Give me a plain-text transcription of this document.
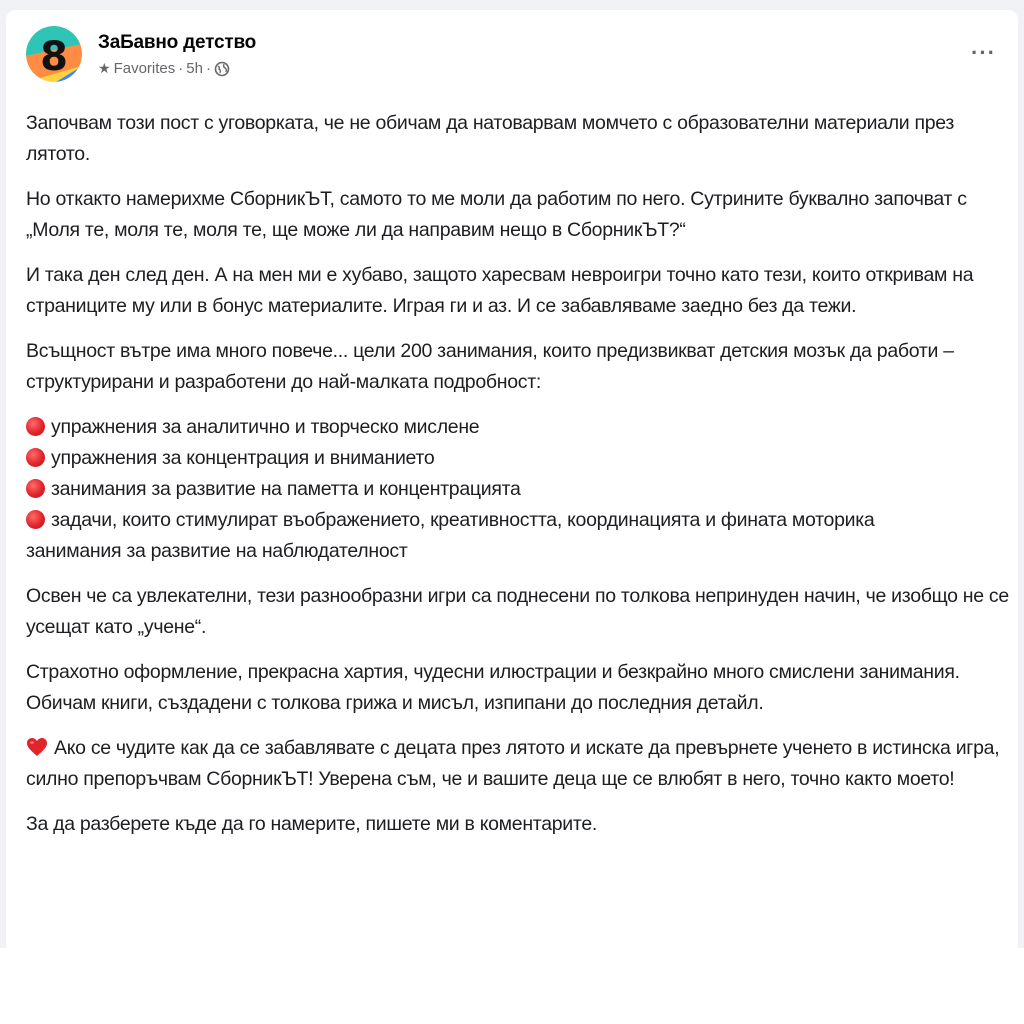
8 ЗаБавно детство
★ Favorites · 5h ·
···

Започвам този пост с уговорката, че не обичам да натоварвам момчето с образователни материали през лятото.

Но откакто намерихме СборникЪТ, самото то ме моли да работим по него. Сутрините буквално започват с „Моля те, моля те, моля те, ще може ли да направим нещо в СборникЪТ?“

И така ден след ден. А на мен ми е хубаво, защото харесвам невроигри точно като тези, които откривам на страниците му или в бонус материалите. Играя ги и аз. И се забавляваме заедно без да тежи.

Всъщност вътре има много повече... цели 200 занимания, които предизвикват детския мозък да работи – структурирани и разработени до най-малката подробност:

упражнения за аналитично и творческо мислене
упражнения за концентрация и вниманието
занимания за развитие на паметта и концентрацията
задачи, които стимулират въображението, креативността, координацията и фината моторика
занимания за развитие на наблюдателност

Освен че са увлекателни, тези разнообразни игри са поднесени по толкова непринуден начин, че изобщо не се усещат като „учене“.

Страхотно оформление, прекрасна хартия, чудесни илюстрации и безкрайно много смислени занимания. Обичам книги, създадени с толкова грижа и мисъл, изпипани до последния детайл.

Ако се чудите как да се забавлявате с децата през лятото и искате да превърнете ученето в истинска игра, силно препоръчвам СборникЪТ! Уверена съм, че и вашите деца ще се влюбят в него, точно както моето!

За да разберете къде да го намерите, пишете ми в коментарите.
